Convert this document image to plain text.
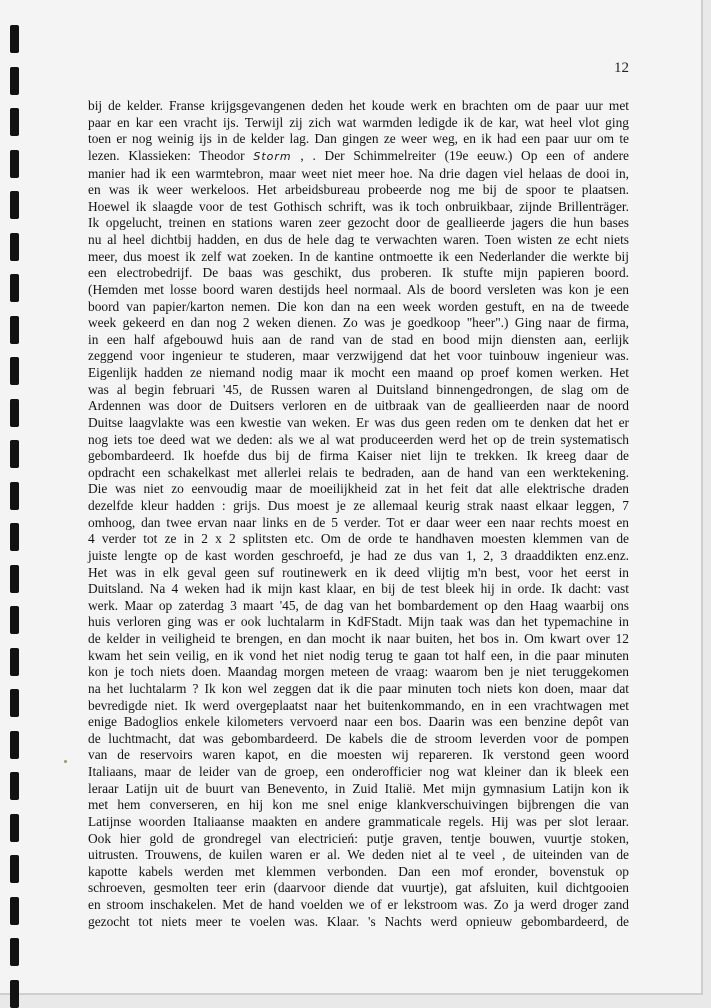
12
bij de kelder. Franse krijgsgevangenen deden het koude werk en brachten om de paar uur met
paar en kar een vracht ijs. Terwijl zij zich wat warmden ledigde ik de kar, wat heel vlot ging
toen er nog weinig ijs in de kelder lag. Dan gingen ze weer weg, en ik had een paar uur om te
lezen. Klassieken: Theodor Storm , . Der Schimmelreiter (19e eeuw.) Op een of andere
manier had ik een warmtebron, maar weet niet meer hoe. Na drie dagen viel helaas de dooi in,
en was ik weer werkeloos. Het arbeidsbureau probeerde nog me bij de spoor te plaatsen.
Hoewel ik slaagde voor de test Gothisch schrift, was ik toch onbruikbaar, zijnde Brillenträger.
Ik opgelucht, treinen en stations waren zeer gezocht door de geallieerde jagers die hun bases
nu al heel dichtbij hadden, en dus de hele dag te verwachten waren. Toen wisten ze echt niets
meer, dus moest ik zelf wat zoeken. In de kantine ontmoette ik een Nederlander die werkte bij
een electrobedrijf. De baas was geschikt, dus proberen. Ik stufte mijn papieren boord.
(Hemden met losse boord waren destijds heel normaal. Als de boord versleten was kon je een
boord van papier/karton nemen. Die kon dan na een week worden gestuft, en na de tweede
week gekeerd en dan nog 2 weken dienen. Zo was je goedkoop "heer".) Ging naar de firma,
in een half afgebouwd huis aan de rand van de stad en bood mijn diensten aan, eerlijk
zeggend voor ingenieur te studeren, maar verzwijgend dat het voor tuinbouw ingenieur was.
Eigenlijk hadden ze niemand nodig maar ik mocht een maand op proef komen werken. Het
was al begin februari '45, de Russen waren al Duitsland binnengedrongen, de slag om de
Ardennen was door de Duitsers verloren en de uitbraak van de geallieerden naar de noord
Duitse laagvlakte was een kwestie van weken. Er was dus geen reden om te denken dat het er
nog iets toe deed wat we deden: als we al wat produceerden werd het op de trein systematisch
gebombardeerd. Ik hoefde dus bij de firma Kaiser niet lijn te trekken. Ik kreeg daar de
opdracht een schakelkast met allerlei relais te bedraden, aan de hand van een werktekening.
Die was niet zo eenvoudig maar de moeilijkheid zat in het feit dat alle elektrische draden
dezelfde kleur hadden : grijs. Dus moest je ze allemaal keurig strak naast elkaar leggen, 7
omhoog, dan twee ervan naar links en de 5 verder. Tot er daar weer een naar rechts moest en
4 verder tot ze in 2 x 2 splitsten etc. Om de orde te handhaven moesten klemmen van de
juiste lengte op de kast worden geschroefd, je had ze dus van 1, 2, 3 draaddikten enz.enz.
Het was in elk geval geen suf routinewerk en ik deed vlijtig m'n best, voor het eerst in
Duitsland. Na 4 weken had ik mijn kast klaar, en bij de test bleek hij in orde. Ik dacht: vast
werk. Maar op zaterdag 3 maart '45, de dag van het bombardement op den Haag waarbij ons
huis verloren ging was er ook luchtalarm in KdFStadt. Mijn taak was dan het typemachine in
de kelder in veiligheid te brengen, en dan mocht ik naar buiten, het bos in. Om kwart over 12
kwam het sein veilig, en ik vond het niet nodig terug te gaan tot half een, in die paar minuten
kon je toch niets doen. Maandag morgen meteen de vraag: waarom ben je niet teruggekomen
na het luchtalarm ? Ik kon wel zeggen dat ik die paar minuten toch niets kon doen, maar dat
bevredigde niet. Ik werd overgeplaatst naar het buitenkommando, en in een vrachtwagen met
enige Badoglios enkele kilometers vervoerd naar een bos. Daarin was een benzine depôt van
de luchtmacht, dat was gebombardeerd. De kabels die de stroom leverden voor de pompen
van de reservoirs waren kapot, en die moesten wij repareren. Ik verstond geen woord
Italiaans, maar de leider van de groep, een onderofficier nog wat kleiner dan ik bleek een
leraar Latijn uit de buurt van Benevento, in Zuid Italië. Met mijn gymnasium Latijn kon ik
met hem converseren, en hij kon me snel enige klankverschuivingen bijbrengen die van
Latijnse woorden Italiaanse maakten en andere grammaticale regels. Hij was per slot leraar.
Ook hier gold de grondregel van electricień: putje graven, tentje bouwen, vuurtje stoken,
uitrusten. Trouwens, de kuilen waren er al. We deden niet al te veel , de uiteinden van de
kapotte kabels werden met klemmen verbonden. Dan een mof eronder, bovenstuk op
schroeven, gesmolten teer erin (daarvoor diende dat vuurtje), gat afsluiten, kuil dichtgooien
en stroom inschakelen. Met de hand voelden we of er lekstroom was. Zo ja werd droger zand
gezocht tot niets meer te voelen was. Klaar. 's Nachts werd opnieuw gebombardeerd, de
